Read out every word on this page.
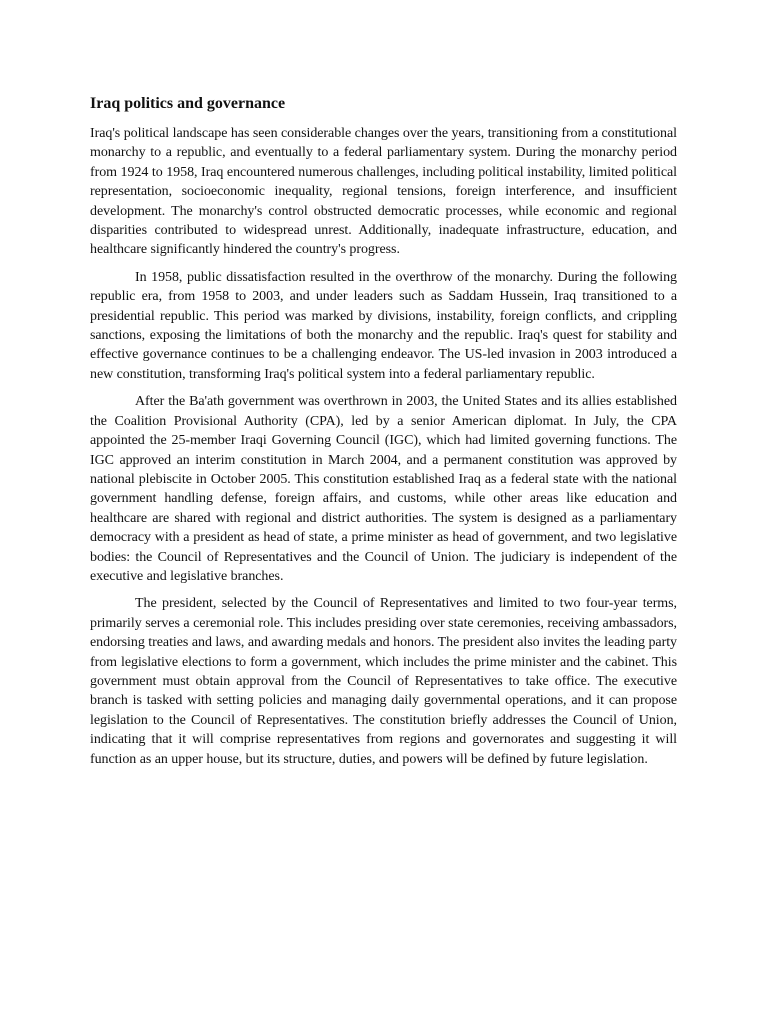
Iraq politics and governance

Iraq's political landscape has seen considerable changes over the years, transitioning from a constitutional monarchy to a republic, and eventually to a federal parliamentary system. During the monarchy period from 1924 to 1958, Iraq encountered numerous challenges, including political instability, limited political representation, socioeconomic inequality, regional tensions, foreign interference, and insufficient development. The monarchy's control obstructed democratic processes, while economic and regional disparities contributed to widespread unrest. Additionally, inadequate infrastructure, education, and healthcare significantly hindered the country's progress.

In 1958, public dissatisfaction resulted in the overthrow of the monarchy. During the following republic era, from 1958 to 2003, and under leaders such as Saddam Hussein, Iraq transitioned to a presidential republic. This period was marked by divisions, instability, foreign conflicts, and crippling sanctions, exposing the limitations of both the monarchy and the republic. Iraq's quest for stability and effective governance continues to be a challenging endeavor. The US-led invasion in 2003 introduced a new constitution, transforming Iraq's political system into a federal parliamentary republic.

After the Ba'ath government was overthrown in 2003, the United States and its allies established the Coalition Provisional Authority (CPA), led by a senior American diplomat. In July, the CPA appointed the 25-member Iraqi Governing Council (IGC), which had limited governing functions. The IGC approved an interim constitution in March 2004, and a permanent constitution was approved by national plebiscite in October 2005. This constitution established Iraq as a federal state with the national government handling defense, foreign affairs, and customs, while other areas like education and healthcare are shared with regional and district authorities. The system is designed as a parliamentary democracy with a president as head of state, a prime minister as head of government, and two legislative bodies: the Council of Representatives and the Council of Union. The judiciary is independent of the executive and legislative branches.

The president, selected by the Council of Representatives and limited to two four-year terms, primarily serves a ceremonial role. This includes presiding over state ceremonies, receiving ambassadors, endorsing treaties and laws, and awarding medals and honors. The president also invites the leading party from legislative elections to form a government, which includes the prime minister and the cabinet. This government must obtain approval from the Council of Representatives to take office. The executive branch is tasked with setting policies and managing daily governmental operations, and it can propose legislation to the Council of Representatives. The constitution briefly addresses the Council of Union, indicating that it will comprise representatives from regions and governorates and suggesting it will function as an upper house, but its structure, duties, and powers will be defined by future legislation.
